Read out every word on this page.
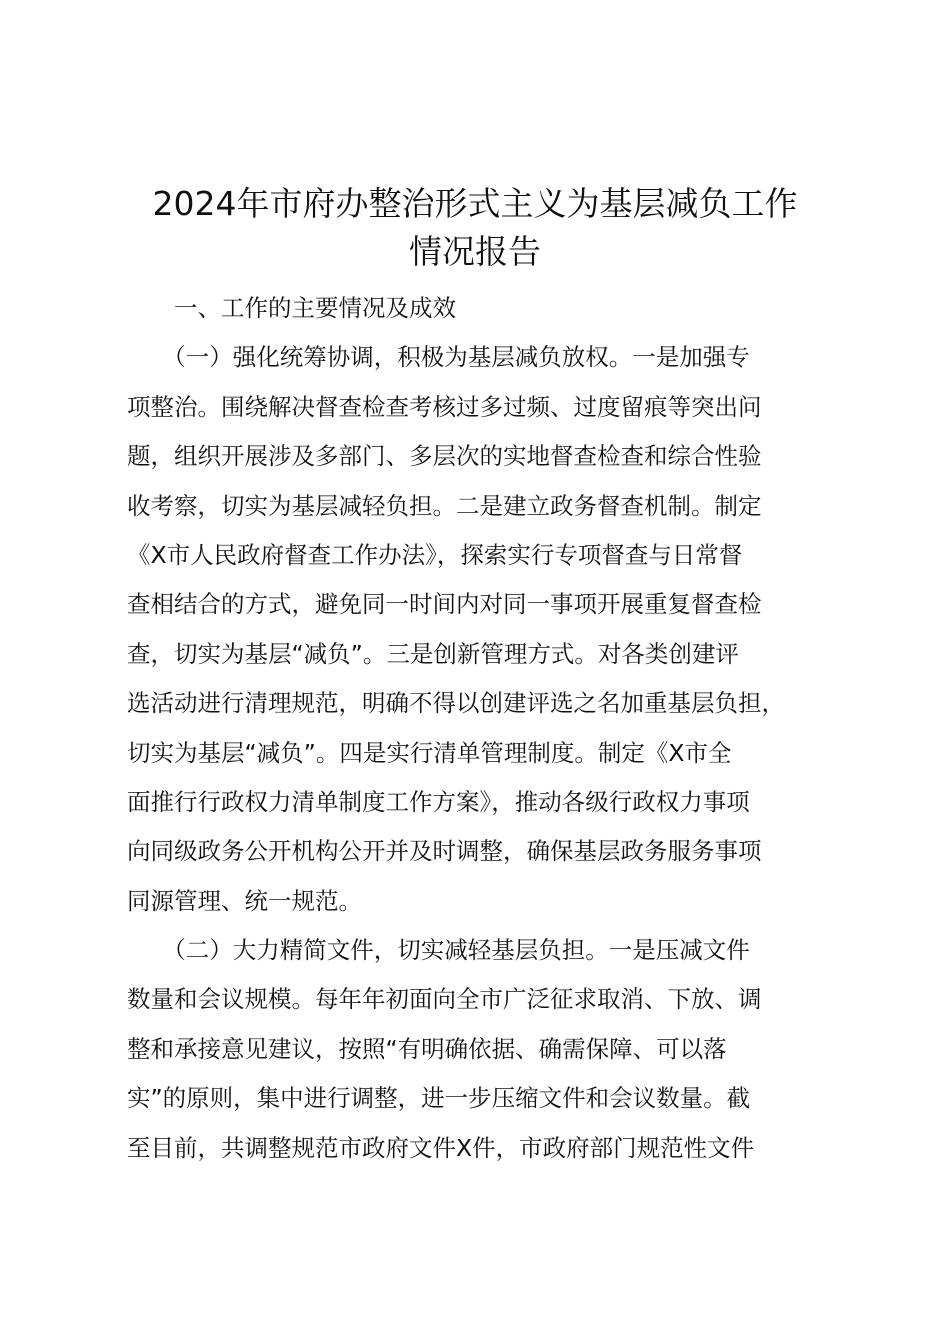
2024年市府办整治形式主义为基层减负工作
情况报告
　　一、工作的主要情况及成效
　　（一）强化统筹协调，积极为基层减负放权。一是加强专
项整治。围绕解决督查检查考核过多过频、过度留痕等突出问
题，组织开展涉及多部门、多层次的实地督查检查和综合性验
收考察，切实为基层减轻负担。二是建立政务督查机制。制定
《X市人民政府督查工作办法》，探索实行专项督查与日常督
查相结合的方式，避免同一时间内对同一事项开展重复督查检
查，切实为基层“减负”。三是创新管理方式。对各类创建评
选活动进行清理规范，明确不得以创建评选之名加重基层负担，
切实为基层“减负”。四是实行清单管理制度。制定《X市全
面推行行政权力清单制度工作方案》，推动各级行政权力事项
向同级政务公开机构公开并及时调整，确保基层政务服务事项
同源管理、统一规范。
　　（二）大力精简文件，切实减轻基层负担。一是压减文件
数量和会议规模。每年年初面向全市广泛征求取消、下放、调
整和承接意见建议，按照“有明确依据、确需保障、可以落
实”的原则，集中进行调整，进一步压缩文件和会议数量。截
至目前，共调整规范市政府文件X件，市政府部门规范性文件
